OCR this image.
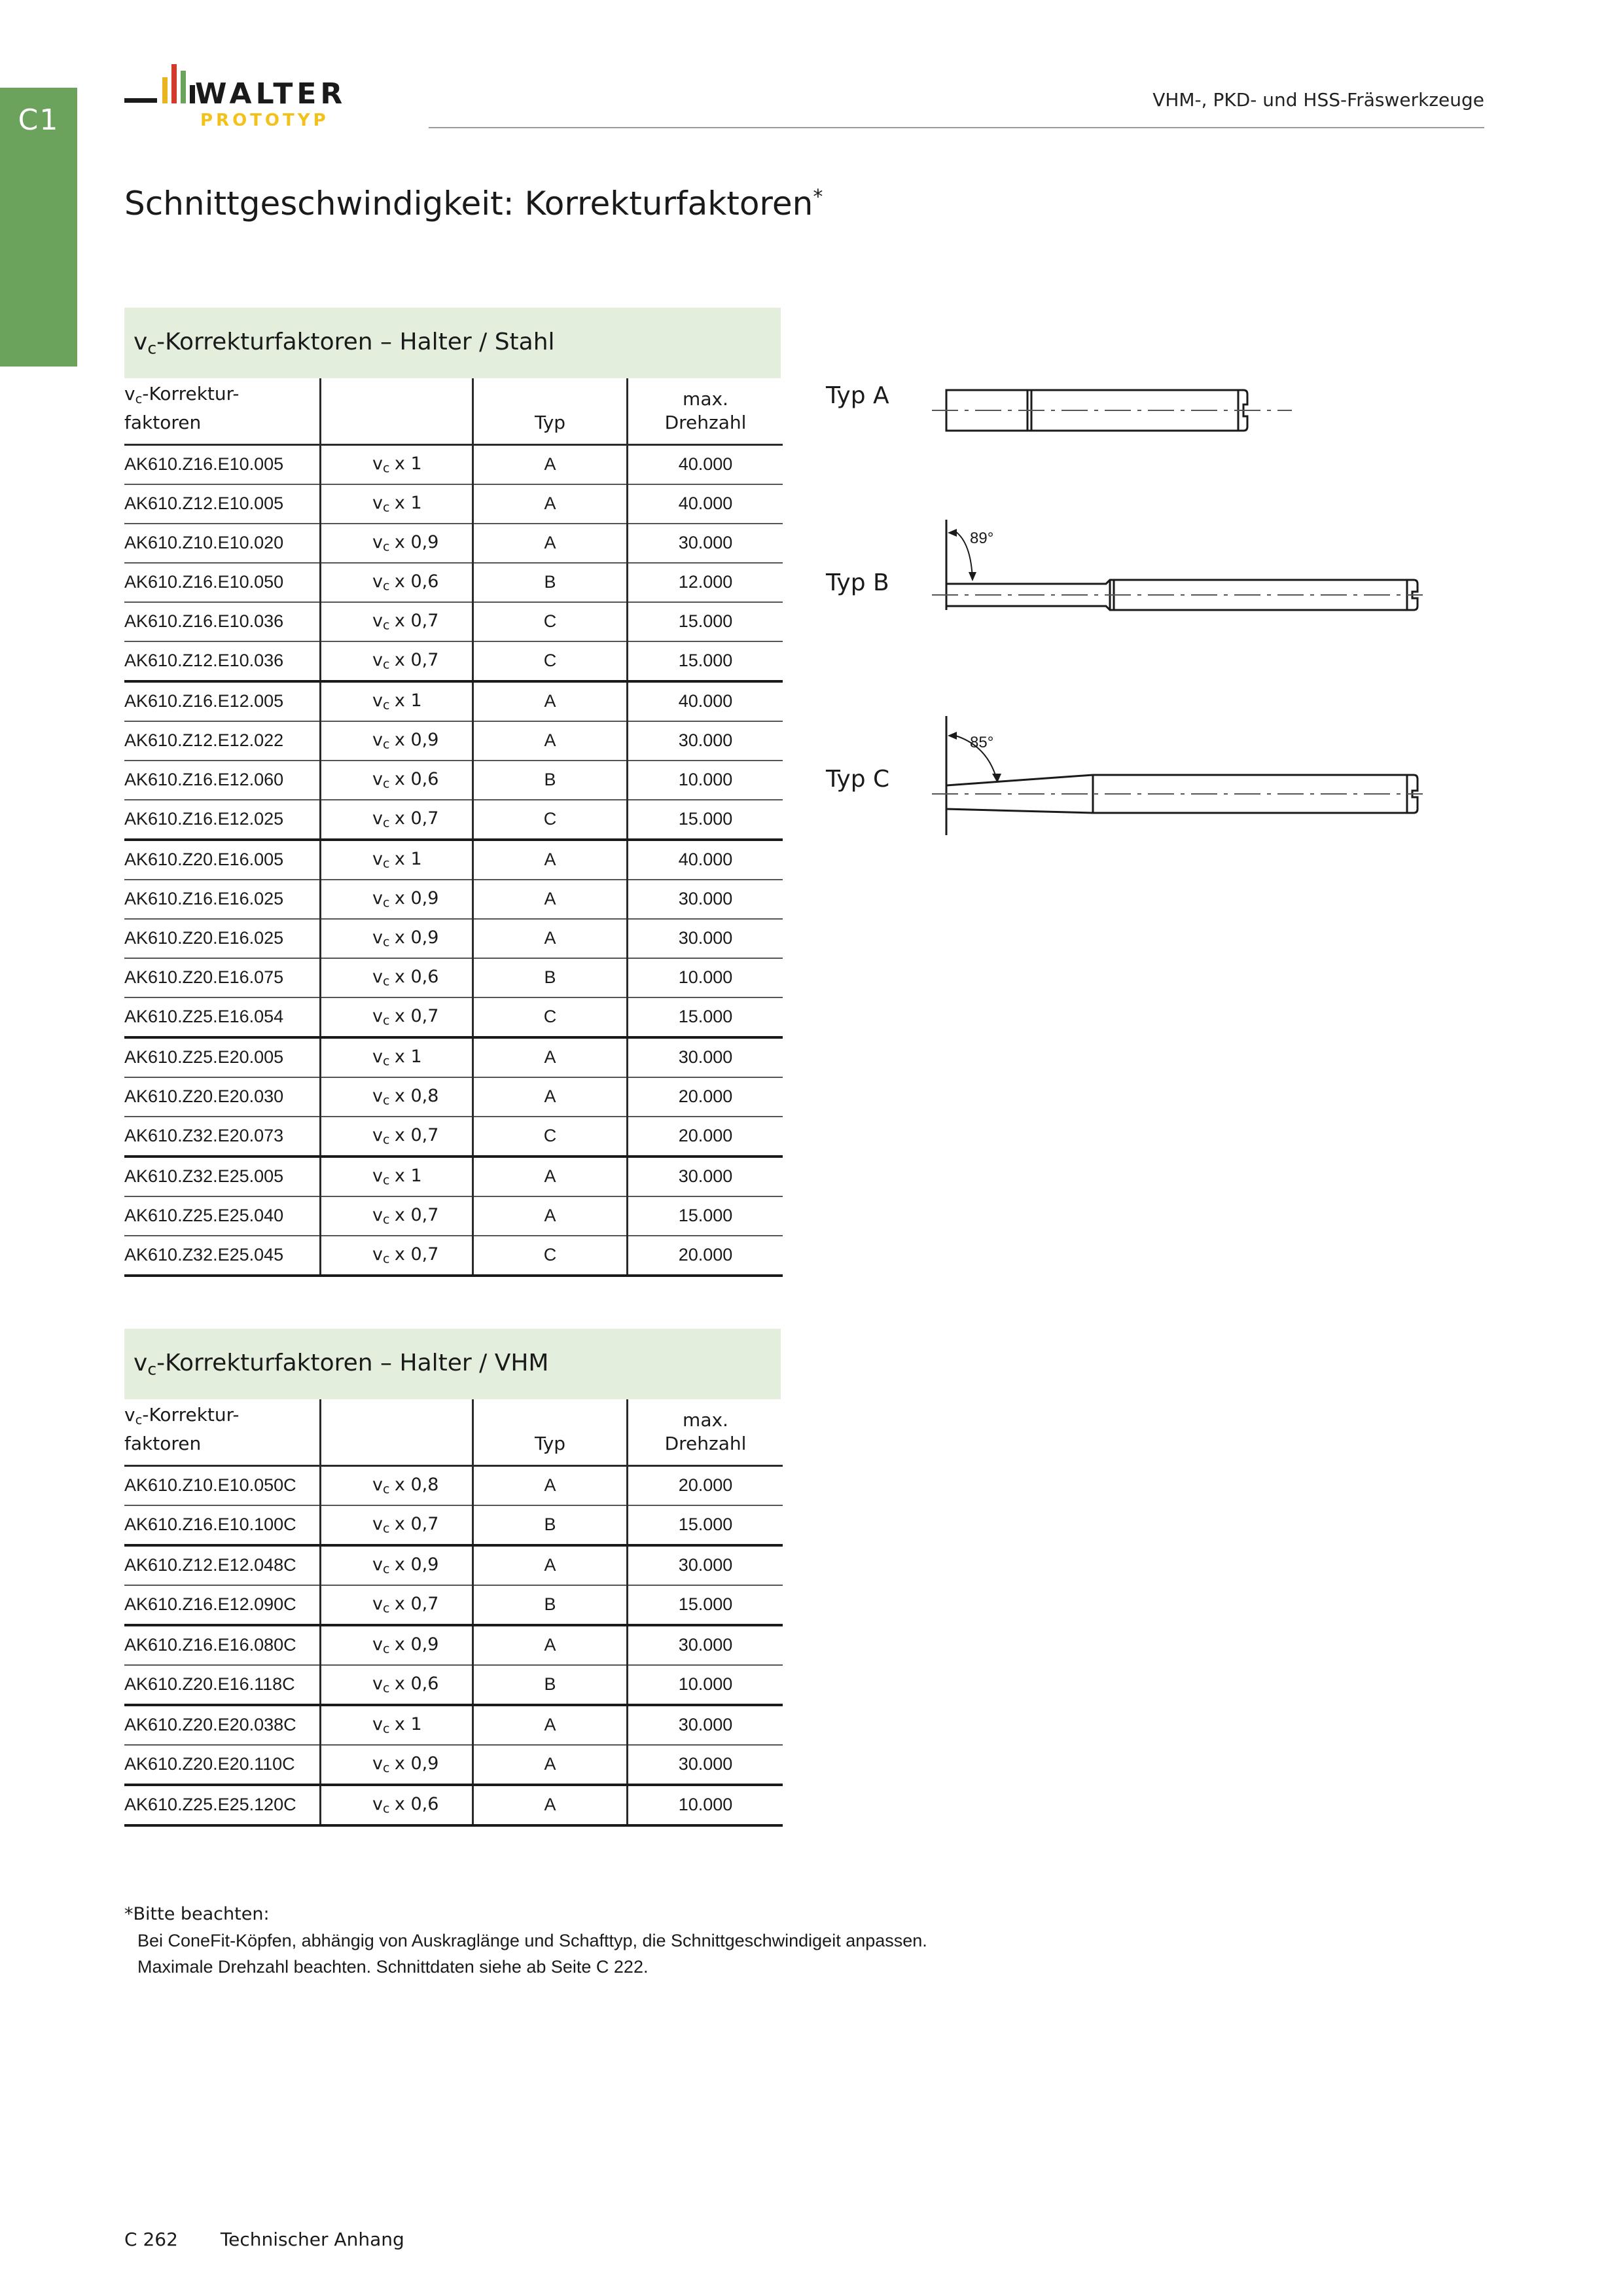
C1
WALTER
PROTOTYP
VHM-, PKD- und HSS-Fräswerkzeuge
Schnittgeschwindigkeit: Korrekturfaktoren*
$v_c$-Korrekturfaktoren – Halter / Stahl
$v_c-Korrektur-$
faktoren		Typ	max.
Drehzahl
AK610.Z16.E10.005	$v_c$ x 1	A	40.000
AK610.Z12.E10.005	$v_c$ x 1	A	40.000
AK610.Z10.E10.020	$v_c$ x 0,9	A	30.000
AK610.Z16.E10.050	$v_c$ x 0,6	B	12.000
AK610.Z16.E10.036	$v_c$ x 0,7	C	15.000
AK610.Z12.E10.036	$v_c$ x 0,7	C	15.000
AK610.Z16.E12.005	$v_c$ x 1	A	40.000
AK610.Z12.E12.022	$v_c$ x 0,9	A	30.000
AK610.Z16.E12.060	$v_c$ x 0,6	B	10.000
AK610.Z16.E12.025	$v_c$ x 0,7	C	15.000
AK610.Z20.E16.005	$v_c$ x 1	A	40.000
AK610.Z16.E16.025	$v_c$ x 0,9	A	30.000
AK610.Z20.E16.025	$v_c$ x 0,9	A	30.000
AK610.Z20.E16.075	$v_c$ x 0,6	B	10.000
AK610.Z25.E16.054	$v_c$ x 0,7	C	15.000
AK610.Z25.E20.005	$v_c$ x 1	A	30.000
AK610.Z20.E20.030	$v_c$ x 0,8	A	20.000
AK610.Z32.E20.073	$v_c$ x 0,7	C	20.000
AK610.Z32.E25.005	$v_c$ x 1	A	30.000
AK610.Z25.E25.040	$v_c$ x 0,7	A	15.000
AK610.Z32.E25.045	$v_c$ x 0,7	C	20.000
$v_c$-Korrekturfaktoren – Halter / VHM
$v_c-Korrektur-$
faktoren		Typ	max.
Drehzahl
AK610.Z10.E10.050C	$v_c$ x 0,8	A	20.000
AK610.Z16.E10.100C	$v_c$ x 0,7	B	15.000
AK610.Z12.E12.048C	$v_c$ x 0,9	A	30.000
AK610.Z16.E12.090C	$v_c$ x 0,7	B	15.000
AK610.Z16.E16.080C	$v_c$ x 0,9	A	30.000
AK610.Z20.E16.118C	$v_c$ x 0,6	B	10.000
AK610.Z20.E20.038C	$v_c$ x 1	A	30.000
AK610.Z20.E20.110C	$v_c$ x 0,9	A	30.000
AK610.Z25.E25.120C	$v_c$ x 0,6	A	10.000
Typ A
Typ B
Typ C
89°
85°
*Bitte beachten:
Bei ConeFit-Köpfen, abhängig von Auskraglänge und Schafttyp, die Schnittgeschwindigeit anpassen.
Maximale Drehzahl beachten. Schnittdaten siehe ab Seite C 222.
C 262 Technischer Anhang
